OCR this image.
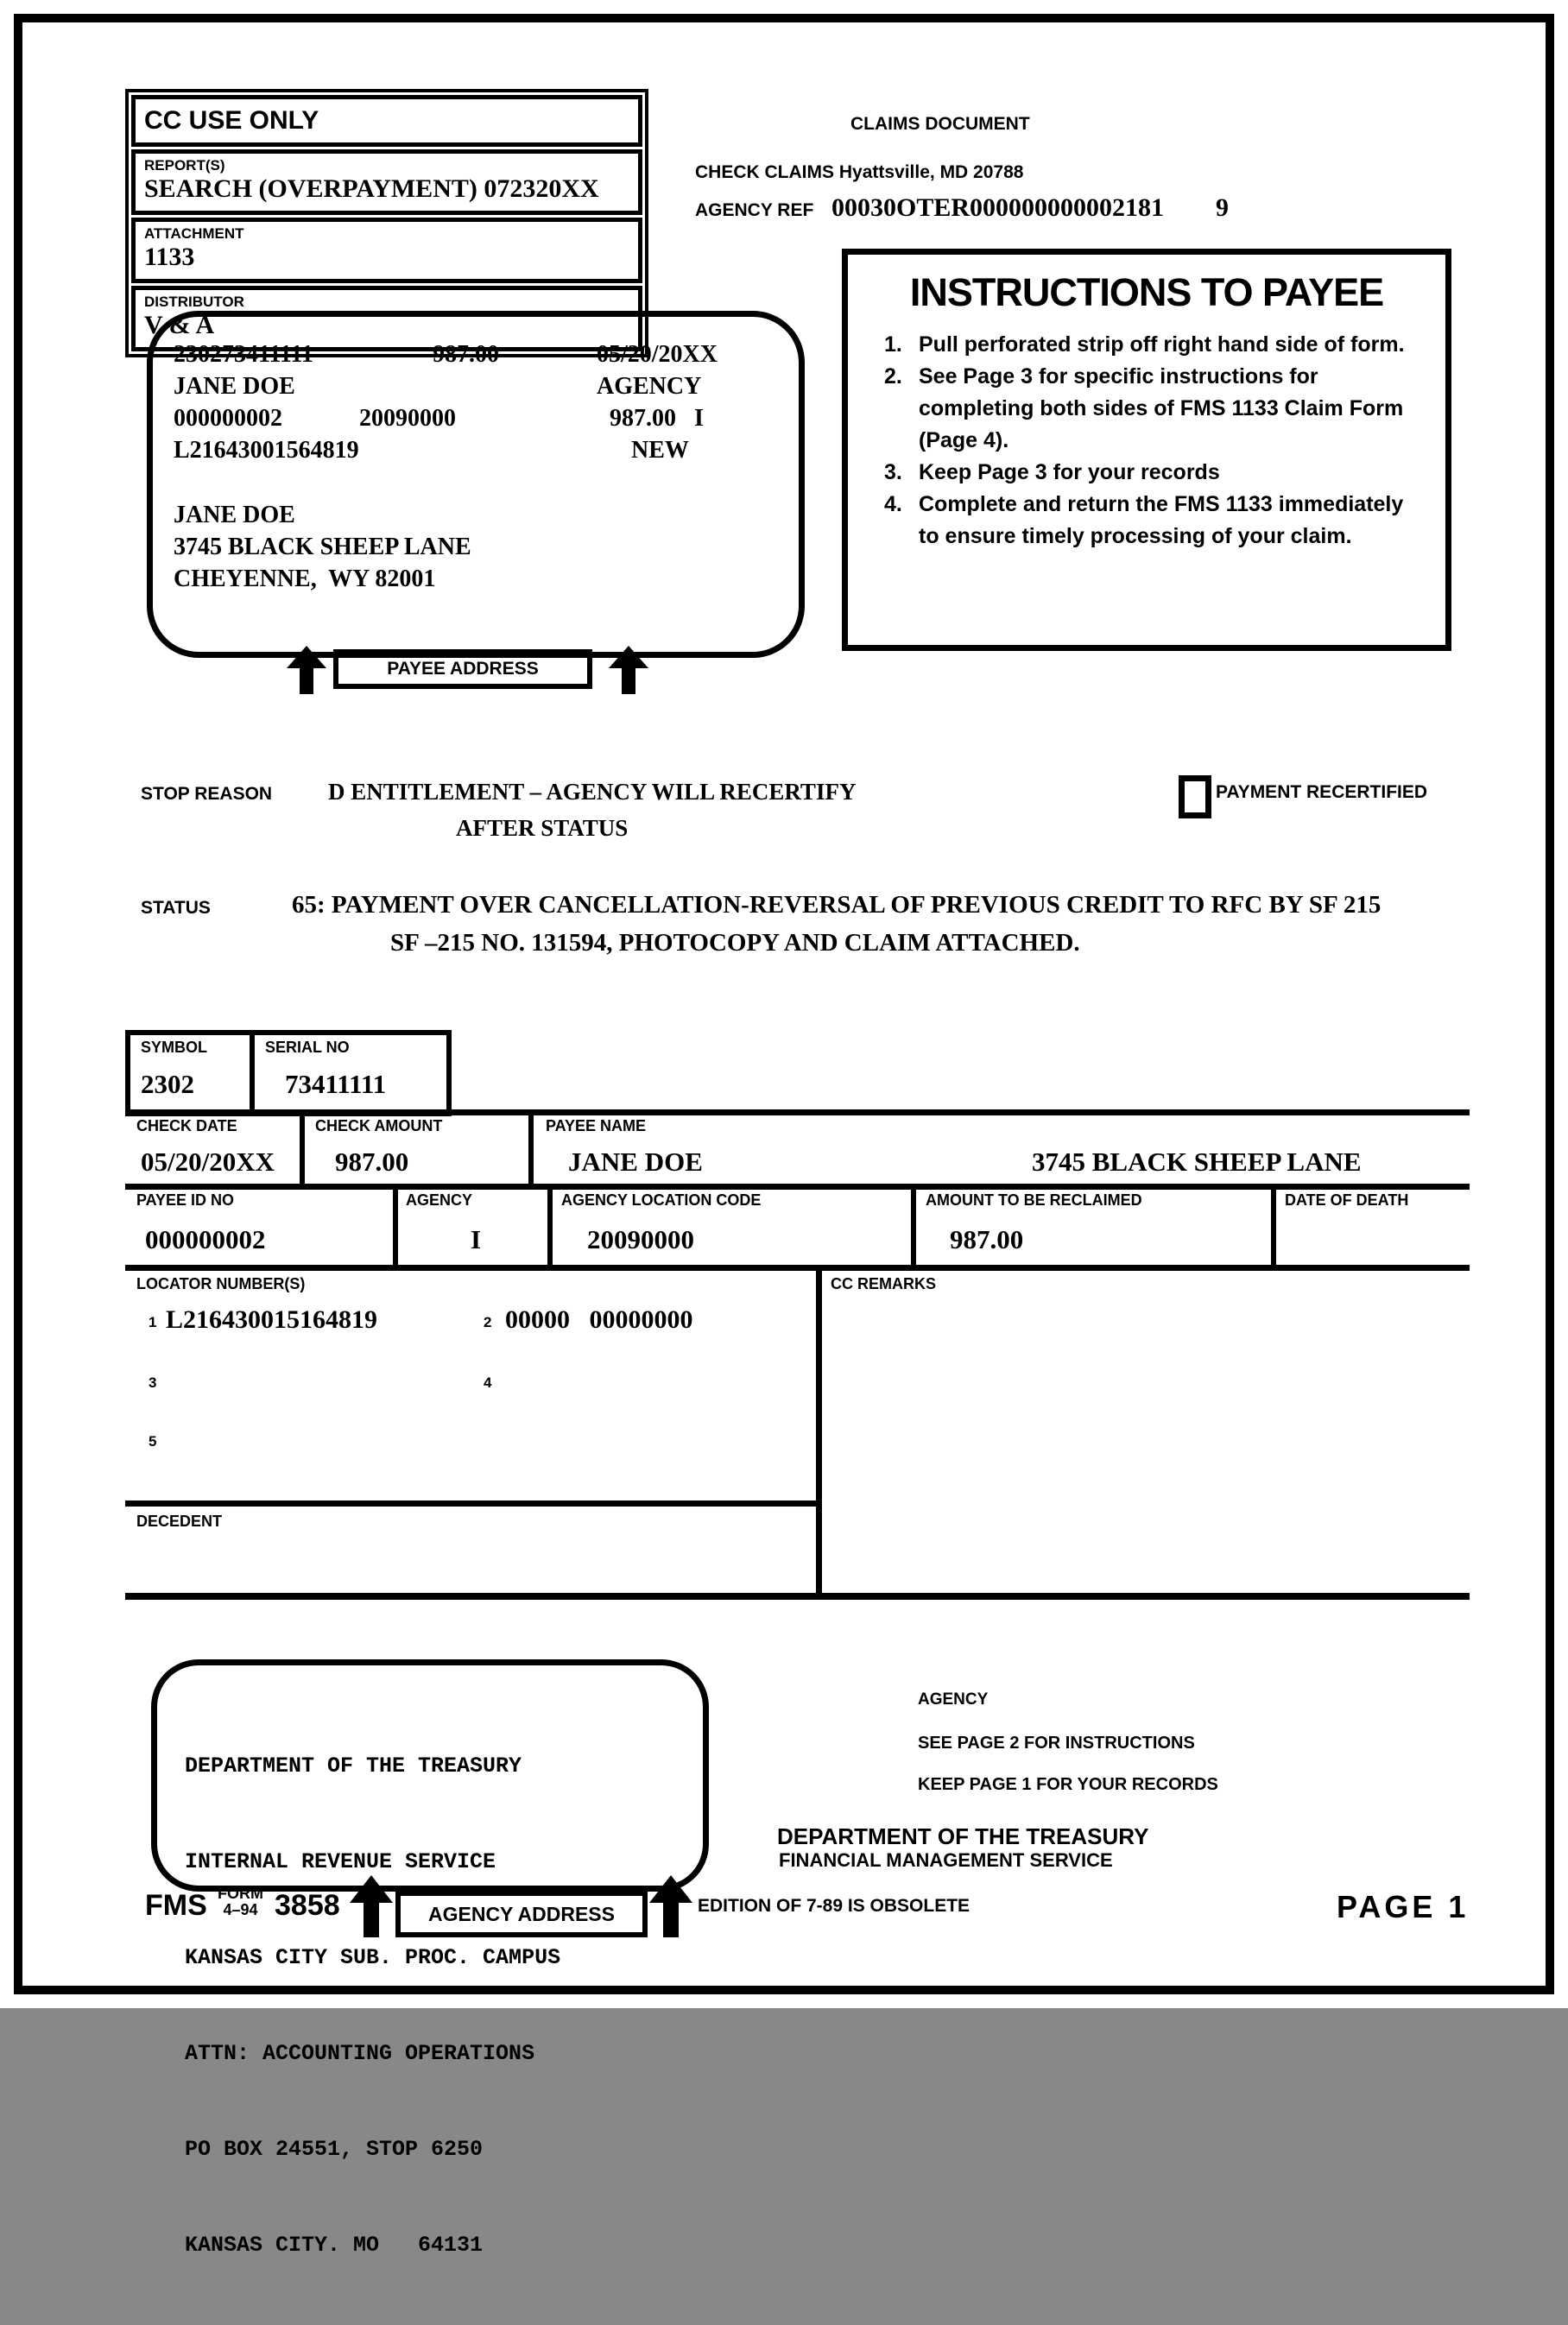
CC USE ONLY
REPORT(S)
SEARCH (OVERPAYMENT) 072320XX
ATTACHMENT
1133
DISTRIBUTOR
V & A
CLAIMS DOCUMENT
CHECK CLAIMS Hyattsville, MD 20788
AGENCY REF 00030OTER000000000002181 9
230273411111	987.00	05/20/20XX
JANE DOE	AGENCY
000000002	20090000	987.00   I
L21643001564819	NEW
JANE DOE
3745 BLACK SHEEP LANE
CHEYENNE,  WY 82001
PAYEE ADDRESS
INSTRUCTIONS TO PAYEE
1. Pull perforated strip off right hand side of form.
2. See Page 3 for specific instructions for completing both sides of FMS 1133 Claim Form (Page 4).
3. Keep Page 3 for your records
4. Complete and return the FMS 1133 immediately to ensure timely processing of your claim.
STOP REASON D ENTITLEMENT – AGENCY WILL RECERTIFY
AFTER STATUS
PAYMENT RECERTIFIED
STATUS	65: PAYMENT OVER CANCELLATION-REVERSAL OF PREVIOUS CREDIT TO RFC BY SF 215
SF –215 NO. 131594, PHOTOCOPY AND CLAIM ATTACHED.
SYMBOL
2302
SERIAL NO
73411111
CHECK DATE
05/20/20XX
CHECK AMOUNT
987.00
PAYEE NAME
JANE DOE	3745 BLACK SHEEP LANE
PAYEE ID NO
000000002
AGENCY
I
AGENCY LOCATION CODE
20090000
AMOUNT TO BE RECLAIMED
987.00
DATE OF DEATH
LOCATOR NUMBER(S)	CC REMARKS
1 L216430015164819	2 00000   00000000
3	4
5
DECEDENT

DEPARTMENT OF THE TREASURY

INTERNAL REVENUE SERVICE

KANSAS CITY SUB. PROC. CAMPUS

ATTN: ACCOUNTING OPERATIONS

PO BOX 24551, STOP 6250

KANSAS CITY. MO   64131

AGENCY
SEE PAGE 2 FOR INSTRUCTIONS
KEEP PAGE 1 FOR YOUR RECORDS
DEPARTMENT OF THE TREASURY
FINANCIAL MANAGEMENT SERVICE
FMS FORM
4–94 3858	AGENCY ADDRESS	EDITION OF 7-89 IS OBSOLETE	PAGE 1
